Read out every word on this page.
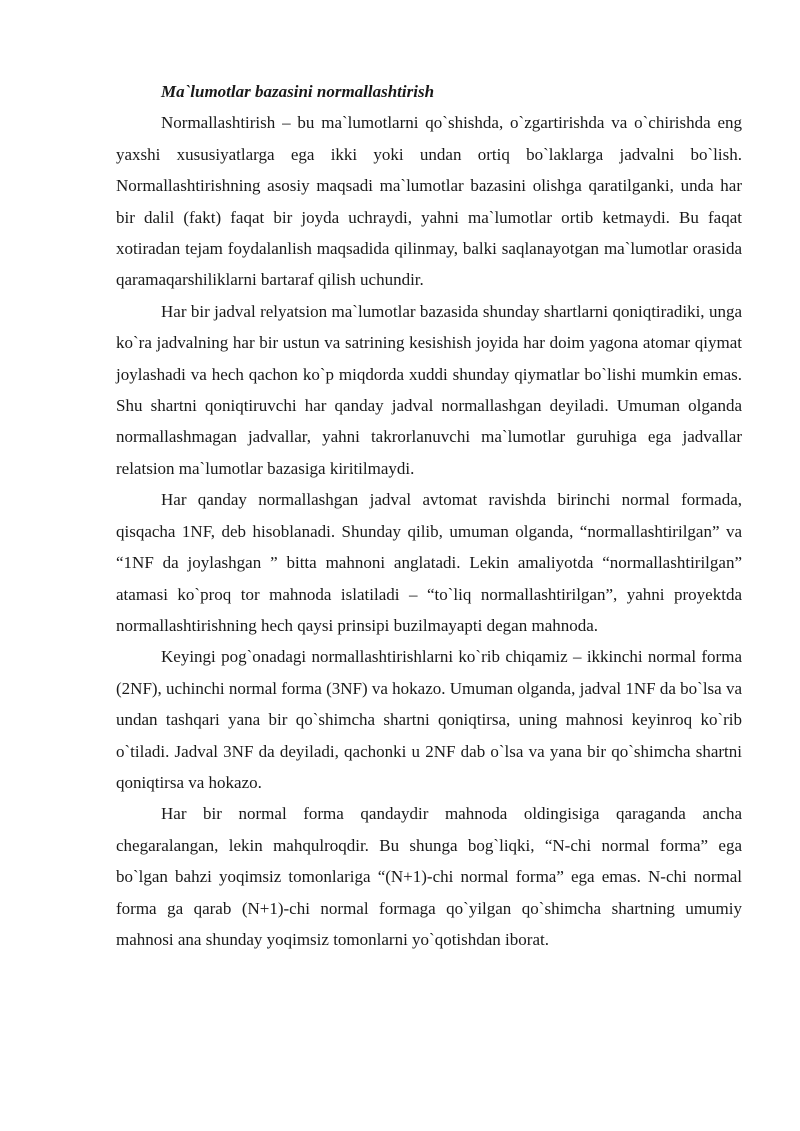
Ma`lumotlar bazasini normallashtirish

Normallashtirish – bu ma`lumotlarni qo`shishda, o`zgartirishda va o`chirishda eng yaxshi xususiyatlarga ega ikki yoki undan ortiq bo`laklarga jadvalni bo`lish. Normallashtirishning asosiy maqsadi ma`lumotlar bazasini olishga qaratilganki, unda har bir dalil (fakt) faqat bir joyda uchraydi, yahni ma`lumotlar ortib ketmaydi. Bu faqat xotiradan tejam foydalanlish maqsadida qilinmay, balki saqlanayotgan ma`lumotlar orasida qaramaqarshiliklarni bartaraf qilish uchundir.

Har bir jadval relyatsion ma`lumotlar bazasida shunday shartlarni qoniqtiradiki, unga ko`ra jadvalning har bir ustun va satrining kesishish joyida har doim yagona atomar qiymat joylashadi va hech qachon ko`p miqdorda xuddi shunday qiymatlar bo`lishi mumkin emas. Shu shartni qoniqtiruvchi har qanday jadval normallashgan deyiladi. Umuman olganda normallashmagan jadvallar, yahni takrorlanuvchi ma`lumotlar guruhiga ega jadvallar relatsion ma`lumotlar bazasiga kiritilmaydi.

Har qanday normallashgan jadval avtomat ravishda birinchi normal formada, qisqacha 1NF, deb hisoblanadi. Shunday qilib, umuman olganda, “normallashtirilgan” va “1NF da joylashgan ” bitta mahnoni anglatadi. Lekin amaliyotda “normallashtirilgan” atamasi ko`proq tor mahnoda islatiladi – “to`liq normallashtirilgan”, yahni proyektda normallashtirishning hech qaysi prinsipi buzilmayapti degan mahnoda.

Keyingi pog`onadagi normallashtirishlarni ko`rib chiqamiz – ikkinchi normal forma (2NF), uchinchi normal forma (3NF) va hokazo. Umuman olganda, jadval 1NF da bo`lsa va undan tashqari yana bir qo`shimcha shartni qoniqtirsa, uning mahnosi keyinroq ko`rib o`tiladi. Jadval 3NF da deyiladi, qachonki u 2NF dab o`lsa va yana bir qo`shimcha shartni qoniqtirsa va hokazo.

Har bir normal forma qandaydir mahnoda oldingisiga qaraganda ancha chegaralangan, lekin mahqulroqdir. Bu shunga bog`liqki, “N-chi normal forma” ega bo`lgan bahzi yoqimsiz tomonlariga “(N+1)-chi normal forma” ega emas. N-chi normal forma ga qarab (N+1)-chi normal formaga qo`yilgan qo`shimcha shartning umumiy mahnosi ana shunday yoqimsiz tomonlarni yo`qotishdan iborat.
